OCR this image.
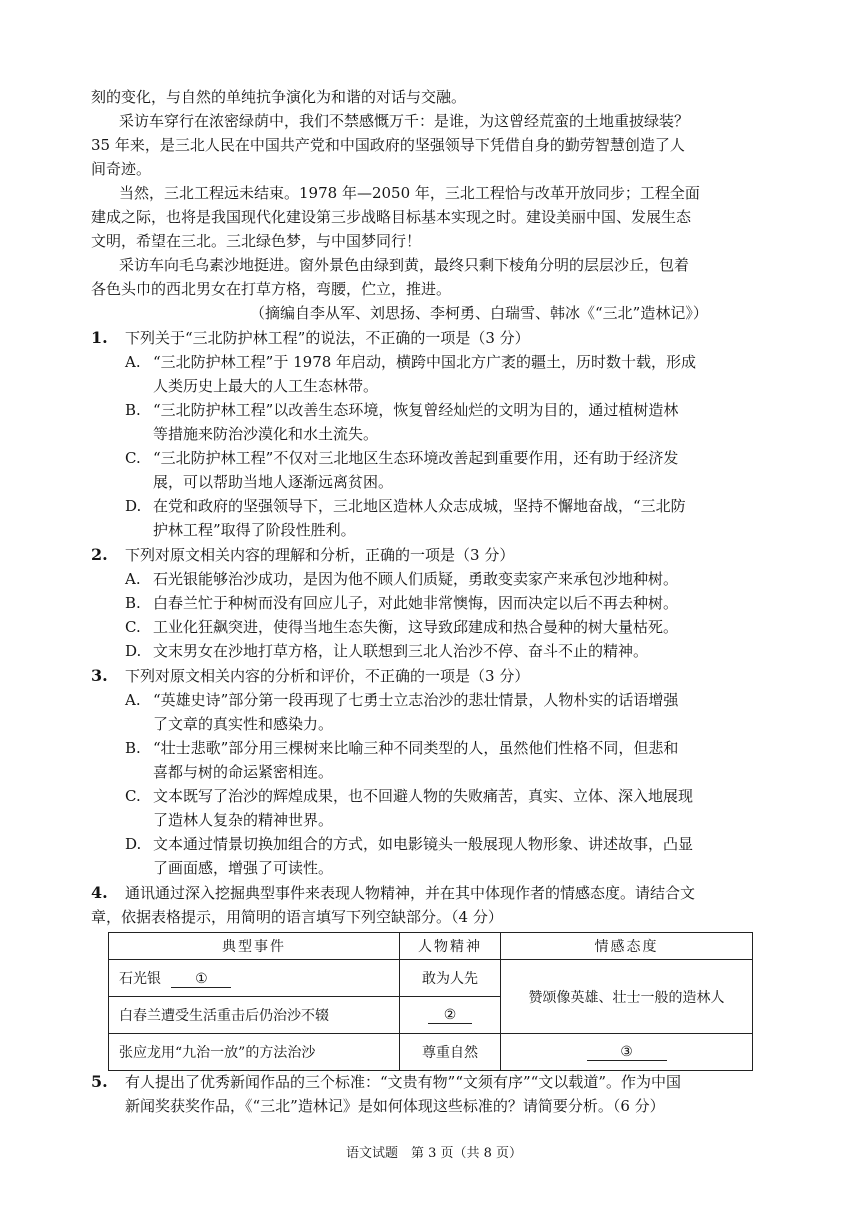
刻的变化，与自然的单纯抗争演化为和谐的对话与交融。
采访车穿行在浓密绿荫中，我们不禁感慨万千：是谁，为这曾经荒蛮的土地重披绿装？
35 年来，是三北人民在中国共产党和中国政府的坚强领导下凭借自身的勤劳智慧创造了人
间奇迹。
当然，三北工程远未结束。1978 年—2050 年，三北工程恰与改革开放同步；工程全面
建成之际，也将是我国现代化建设第三步战略目标基本实现之时。建设美丽中国、发展生态
文明，希望在三北。三北绿色梦，与中国梦同行！
采访车向毛乌素沙地挺进。窗外景色由绿到黄，最终只剩下棱角分明的层层沙丘，包着
各色头巾的西北男女在打草方格，弯腰，伫立，推进。
（摘编自李从军、刘思扬、李柯勇、白瑞雪、韩冰《“三北”造林记》）
1. 下列关于“三北防护林工程”的说法，不正确的一项是（3 分）
A. “三北防护林工程”于 1978 年启动，横跨中国北方广袤的疆土，历时数十载，形成
人类历史上最大的人工生态林带。
B. “三北防护林工程”以改善生态环境，恢复曾经灿烂的文明为目的，通过植树造林
等措施来防治沙漠化和水土流失。
C. “三北防护林工程”不仅对三北地区生态环境改善起到重要作用，还有助于经济发
展，可以帮助当地人逐渐远离贫困。
D. 在党和政府的坚强领导下，三北地区造林人众志成城，坚持不懈地奋战，“三北防
护林工程”取得了阶段性胜利。
2. 下列对原文相关内容的理解和分析，正确的一项是（3 分）
A. 石光银能够治沙成功，是因为他不顾人们质疑，勇敢变卖家产来承包沙地种树。
B. 白春兰忙于种树而没有回应儿子，对此她非常懊悔，因而决定以后不再去种树。
C. 工业化狂飙突进，使得当地生态失衡，这导致邱建成和热合曼种的树大量枯死。
D. 文末男女在沙地打草方格，让人联想到三北人治沙不停、奋斗不止的精神。
3. 下列对原文相关内容的分析和评价，不正确的一项是（3 分）
A. “英雄史诗”部分第一段再现了七勇士立志治沙的悲壮情景，人物朴实的话语增强
了文章的真实性和感染力。
B. “壮士悲歌”部分用三棵树来比喻三种不同类型的人，虽然他们性格不同，但悲和
喜都与树的命运紧密相连。
C. 文本既写了治沙的辉煌成果，也不回避人物的失败痛苦，真实、立体、深入地展现
了造林人复杂的精神世界。
D. 文本通过情景切换加组合的方式，如电影镜头一般展现人物形象、讲述故事，凸显
了画面感，增强了可读性。
4. 通讯通过深入挖掘典型事件来表现人物精神，并在其中体现作者的情感态度。请结合文
章，依据表格提示，用简明的语言填写下列空缺部分。（4 分）
典型事件	人物精神	情感态度
石光银 ①	敢为人先	赞颂像英雄、壮士一般的造林人
白春兰遭受生活重击后仍治沙不辍	②	
张应龙用“九治一放”的方法治沙	尊重自然	③
5. 有人提出了优秀新闻作品的三个标准：“文贵有物”“文须有序”“文以载道”。作为中国
新闻奖获奖作品，《“三北”造林记》是如何体现这些标准的？请简要分析。（6 分）
语文试题　第 3 页（共 8 页）
